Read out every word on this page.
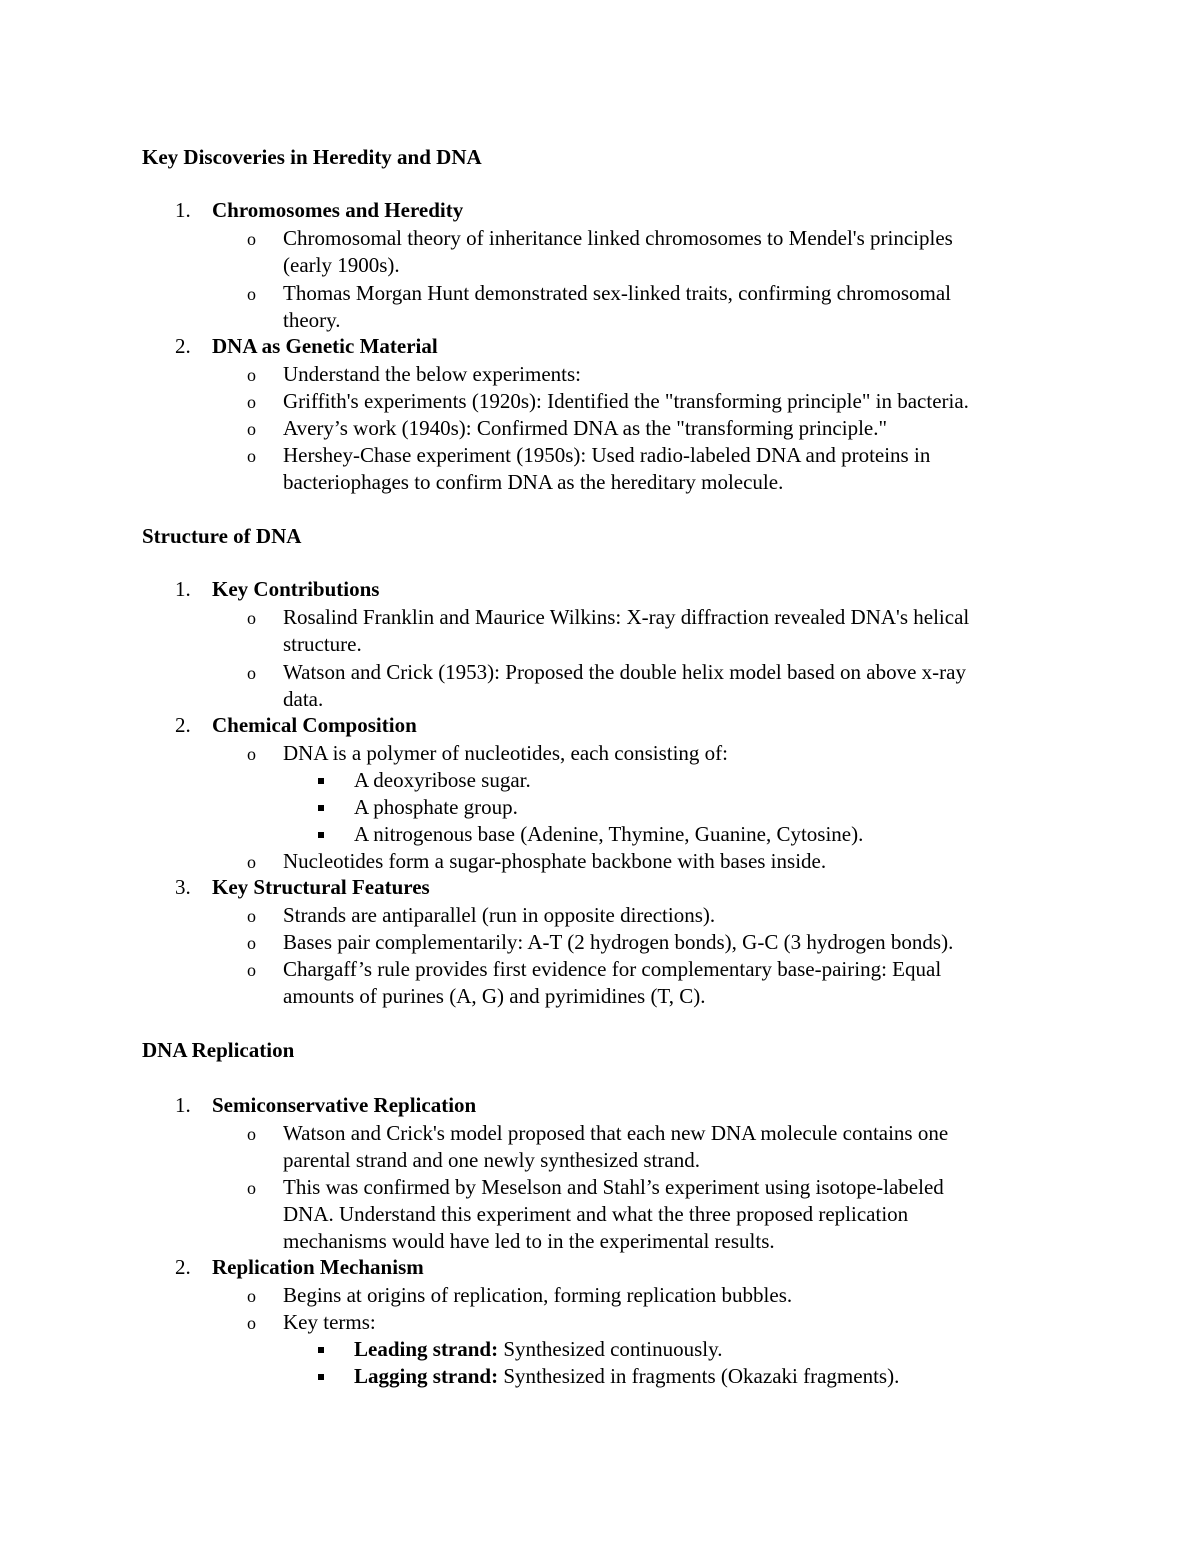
Key Discoveries in Heredity and DNA
1.	Chromosomes and Heredity
o Chromosomal theory of inheritance linked chromosomes to Mendel's principles
(early 1900s).
o Thomas Morgan Hunt demonstrated sex-linked traits, confirming chromosomal
theory.
2.	DNA as Genetic Material
o Understand the below experiments:
o Griffith's experiments (1920s): Identified the "transforming principle" in bacteria.
o Avery’s work (1940s): Confirmed DNA as the "transforming principle."
o Hershey-Chase experiment (1950s): Used radio-labeled DNA and proteins in
bacteriophages to confirm DNA as the hereditary molecule.
Structure of DNA
1.	Key Contributions
o Rosalind Franklin and Maurice Wilkins: X-ray diffraction revealed DNA's helical
structure.
o Watson and Crick (1953): Proposed the double helix model based on above x-ray
data.
2.	Chemical Composition
o DNA is a polymer of nucleotides, each consisting of:
A deoxyribose sugar.
A phosphate group.
A nitrogenous base (Adenine, Thymine, Guanine, Cytosine).
o Nucleotides form a sugar-phosphate backbone with bases inside.
3.	Key Structural Features
o Strands are antiparallel (run in opposite directions).
o Bases pair complementarily: A-T (2 hydrogen bonds), G-C (3 hydrogen bonds).
o Chargaff’s rule provides first evidence for complementary base-pairing: Equal
amounts of purines (A, G) and pyrimidines (T, C).
DNA Replication
1.	Semiconservative Replication
o Watson and Crick's model proposed that each new DNA molecule contains one
parental strand and one newly synthesized strand.
o This was confirmed by Meselson and Stahl’s experiment using isotope-labeled
DNA. Understand this experiment and what the three proposed replication
mechanisms would have led to in the experimental results.
2.	Replication Mechanism
o Begins at origins of replication, forming replication bubbles.
o Key terms:
Leading strand: Synthesized continuously.
Lagging strand: Synthesized in fragments (Okazaki fragments).
